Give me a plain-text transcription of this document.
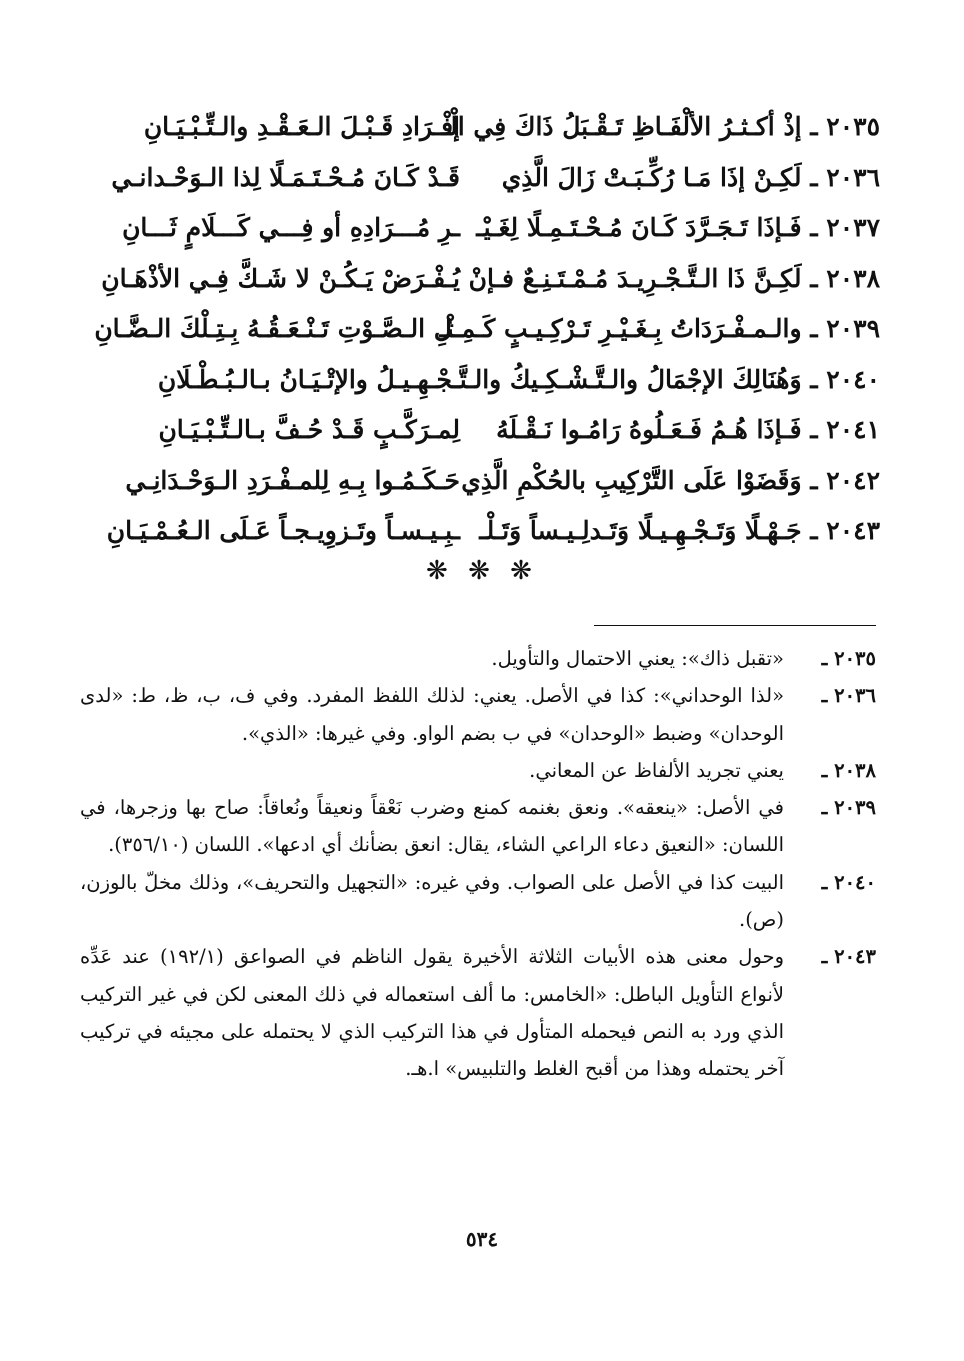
٢٠٣٥ ـ إذْ أكـثـرُ الألْفَـاظِ تَـقْـبَلُ ذَاكَ فِي الْـ
إفْـرَادِ قَـبْـلَ الـعَـقْـدِ والـتِّـبْـيَـانِ
٢٠٣٦ ـ لَكِـنْ إذَا مَـا رُكِّـبَـتْ زَالَ الَّذِي
قَـدْ كَـانَ مُـحْـتَـمَـلًا لِذا الـوَحْـدانـي
٢٠٣٧ ـ فَـإذَا تَـجَـرَّدَ كَـانَ مُـحْـتَـمِـلًا لِغَـيْـ
ـرِ مُـــرَادِهِ أو فِـــي كَـــلَامٍ ثَـــانِ
٢٠٣٨ ـ لَكِـنَّ ذَا الـتَّـجْـرِيـدَ مُـمْـتَـنِـعٌ فـإنْ
يُـفْـرَضْ يَـكُـنْ لا شَـكَّ فِـي الأذْهَـانِ
٢٠٣٩ ـ والـمـفْـرَدَاتُ بِـغَـيْـرِ تَـرْكِـيـبٍ كَـمِـثْـ
ـلِ الـصَّـوْتِ تَـنْـعَـقُـهُ بِـتِـلْكَ الـضَّـانِ
٢٠٤٠ ـ وَهُنَالِكَ الإجْمَالُ والـتَّـشْـكِـيكُ والـتَّـ
ـجْـهِـيـلُ والإتْـيَـانُ بـالـبُـطْـلَانِ
٢٠٤١ ـ فَـإذَا هُـمُ فَـعَـلُوهُ رَامُـوا نَـقْـلَهُ
لِمـرَكَّـبٍ قَـدْ حُـفَّ بـالـتِّـبْـيَـانِ
٢٠٤٢ ـ وَقَضَوْا عَلَى التَّرْكِيبِ بالحُكْمِ الَّذِي
حَـكَـمُـوا بِـهِ لِلمـفْـرَدِ الـوَحْـدَانِـي
٢٠٤٣ ـ جَـهْـلًا وَتَـجْـهِـيـلًا وَتَـدلِـيـساً وَتَـلْـ
ـبِـيـسـاً وتَـزوِيـجـاً عَـلَى الـعُـمْـيَـانِ
❋ ❋ ❋
٢٠٣٥ ـ
«تقبل ذاك»: يعني الاحتمال والتأويل.
٢٠٣٦ ـ
«لذا الوحداني»: كذا في الأصل. يعني: لذلك اللفظ المفرد. وفي ف، ب، ظ، ط: «لدى الوحدان» وضبط «الوحدان» في ب بضم الواو. وفي غيرها: «الذي».
٢٠٣٨ ـ
يعني تجريد الألفاظ عن المعاني.
٢٠٣٩ ـ
في الأصل: «ينعقه». ونعق بغنمه كمنع وضرب نَعْقاً ونعيقاً ونُعاقاً: صاح بها وزجرها، في اللسان: «النعيق دعاء الراعي الشاء، يقال: انعق بضأنك أي ادعها». اللسان (٣٥٦/١٠).
٢٠٤٠ ـ
البيت كذا في الأصل على الصواب. وفي غيره: «التجهيل والتحريف»، وذلك مخلّ بالوزن، (ص).
٢٠٤٣ ـ
وحول معنى هذه الأبيات الثلاثة الأخيرة يقول الناظم في الصواعق (١٩٢/١) عند عَدِّه لأنواع التأويل الباطل: «الخامس: ما ألف استعماله في ذلك المعنى لكن في غير التركيب الذي ورد به النص فيحمله المتأول في هذا التركيب الذي لا يحتمله على مجيئه في تركيب آخر يحتمله وهذا من أقبح الغلط والتلبيس» ا.هـ.
٥٣٤
